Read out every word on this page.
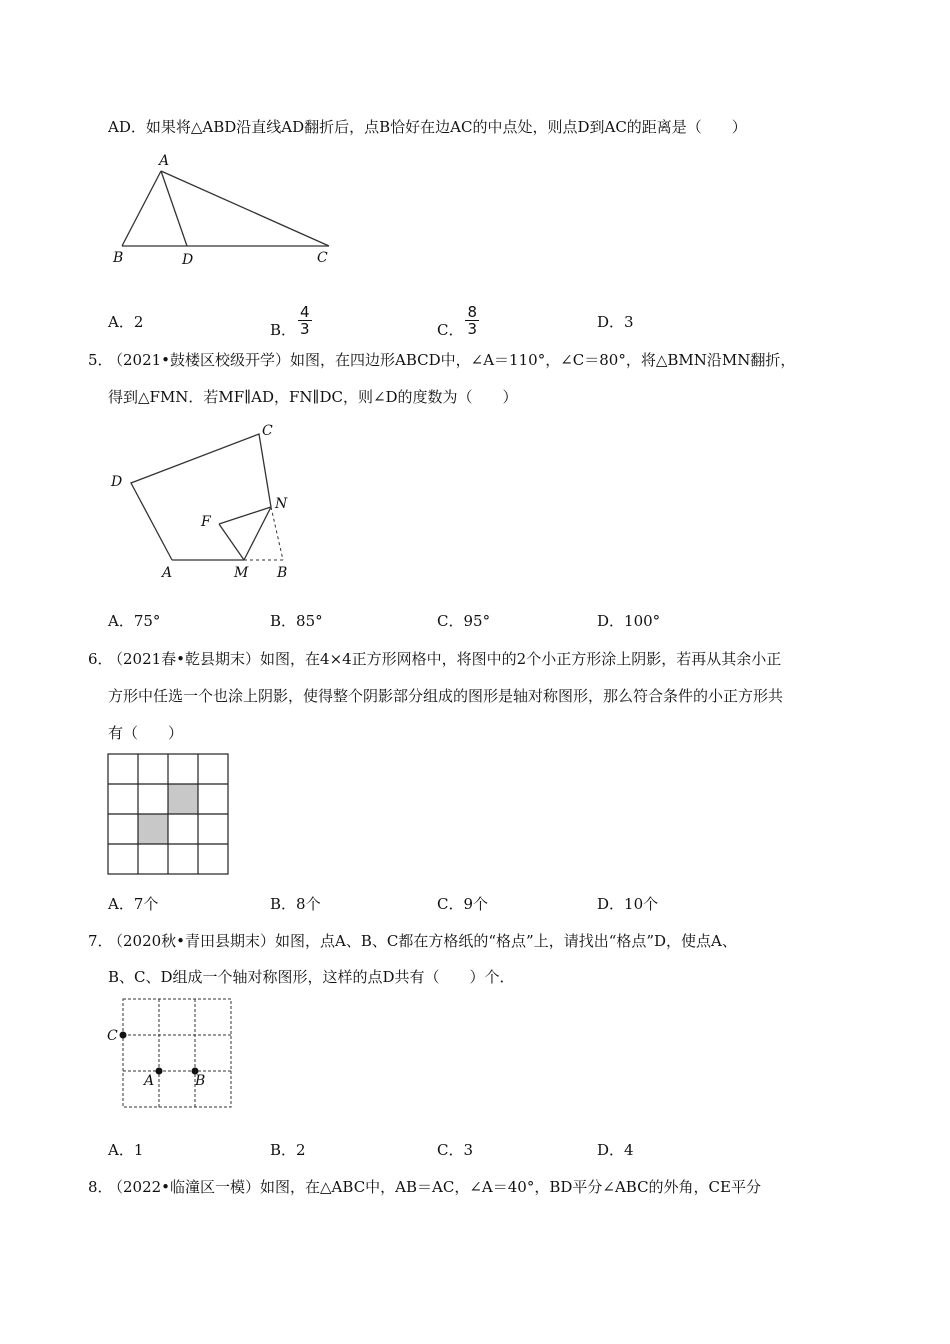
AD．如果将△ABD沿直线AD翻折后，点B恰好在边AC的中点处，则点D到AC的距离是（　　）
A
B	D	C
A．2	B． $\frac{4}{3}$	C． $\frac{8}{3}$	D．3
5．
（2021•鼓楼区校级开学）如图，在四边形ABCD中，∠A＝110°，∠C＝80°，将△BMN沿MN翻折，
得到△FMN．若MF∥AD，FN∥DC，则∠D的度数为（　　）
C
D
N
F
A	M B
A．75°	B．85°	C．95°	D．100°
6．
（2021春•乾县期末）如图，在4×4正方形网格中，将图中的2个小正方形涂上阴影，若再从其余小正
方形中任选一个也涂上阴影，使得整个阴影部分组成的图形是轴对称图形，那么符合条件的小正方形共
有（　　）
A．7个	B．8个	C．9个	D．10个
7．
（2020秋•青田县期末）如图，点A、B、C都在方格纸的“格点”上，请找出“格点”D，使点A、
B、C、D组成一个轴对称图形，这样的点D共有（　　）个．
C
A	B
A．1	B．2	C．3	D．4
8．
（2022•临潼区一模）如图，在△ABC中，AB＝AC，∠A＝40°，BD平分∠ABC的外角，CE平分
